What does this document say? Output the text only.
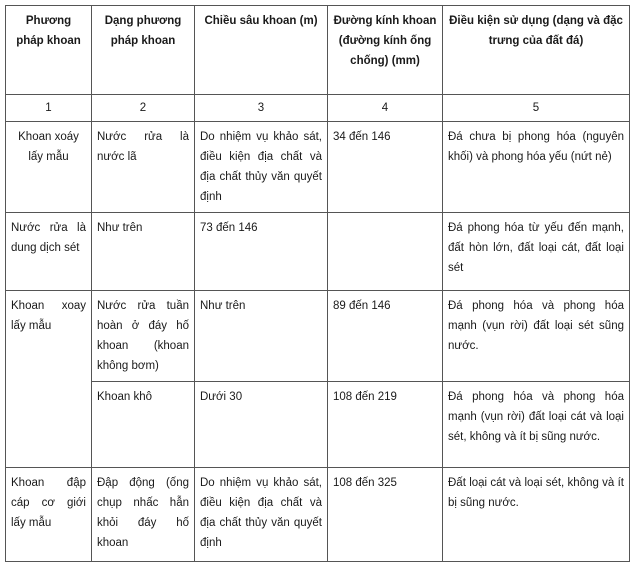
Phương pháp khoan	Dạng phương pháp khoan	Chiều sâu khoan (m)	Đường kính khoan (đường kính ống chống) (mm)	Điều kiện sử dụng (dạng và đặc trưng của đất đá)
1	2	3	4	5
Khoan xoáy lấy mẫu	Nước rửa là nước lã	Do nhiệm vụ khảo sát, điều kiện địa chất và địa chất thủy văn quyết định	34 đến 146	Đá chưa bị phong hóa (nguyên khối) và phong hóa yếu (nứt nẻ)
Nước rửa là dung dịch sét	Như trên	73 đến 146		Đá phong hóa từ yếu đến mạnh, đất hòn lớn, đất loại cát, đất loại sét
Khoan xoay lấy mẫu	Nước rửa tuần hoàn ở đáy hố khoan (khoan không bơm)	Như trên	89 đến 146	Đá phong hóa và phong hóa mạnh (vụn rời) đất loại sét sũng nước.
	Khoan khô	Dưới 30	108 đến 219	Đá phong hóa và phong hóa mạnh (vụn rời) đất loại cát và loại sét, không và ít bị sũng nước.
Khoan đập cáp cơ giới lấy mẫu	Đập động (ống chụp nhấc hẫn khỏi đáy hố khoan	Do nhiệm vụ khảo sát, điều kiện địa chất và địa chất thủy văn quyết định	108 đến 325	Đất loại cát và loại sét, không và ít bị sũng nước.
